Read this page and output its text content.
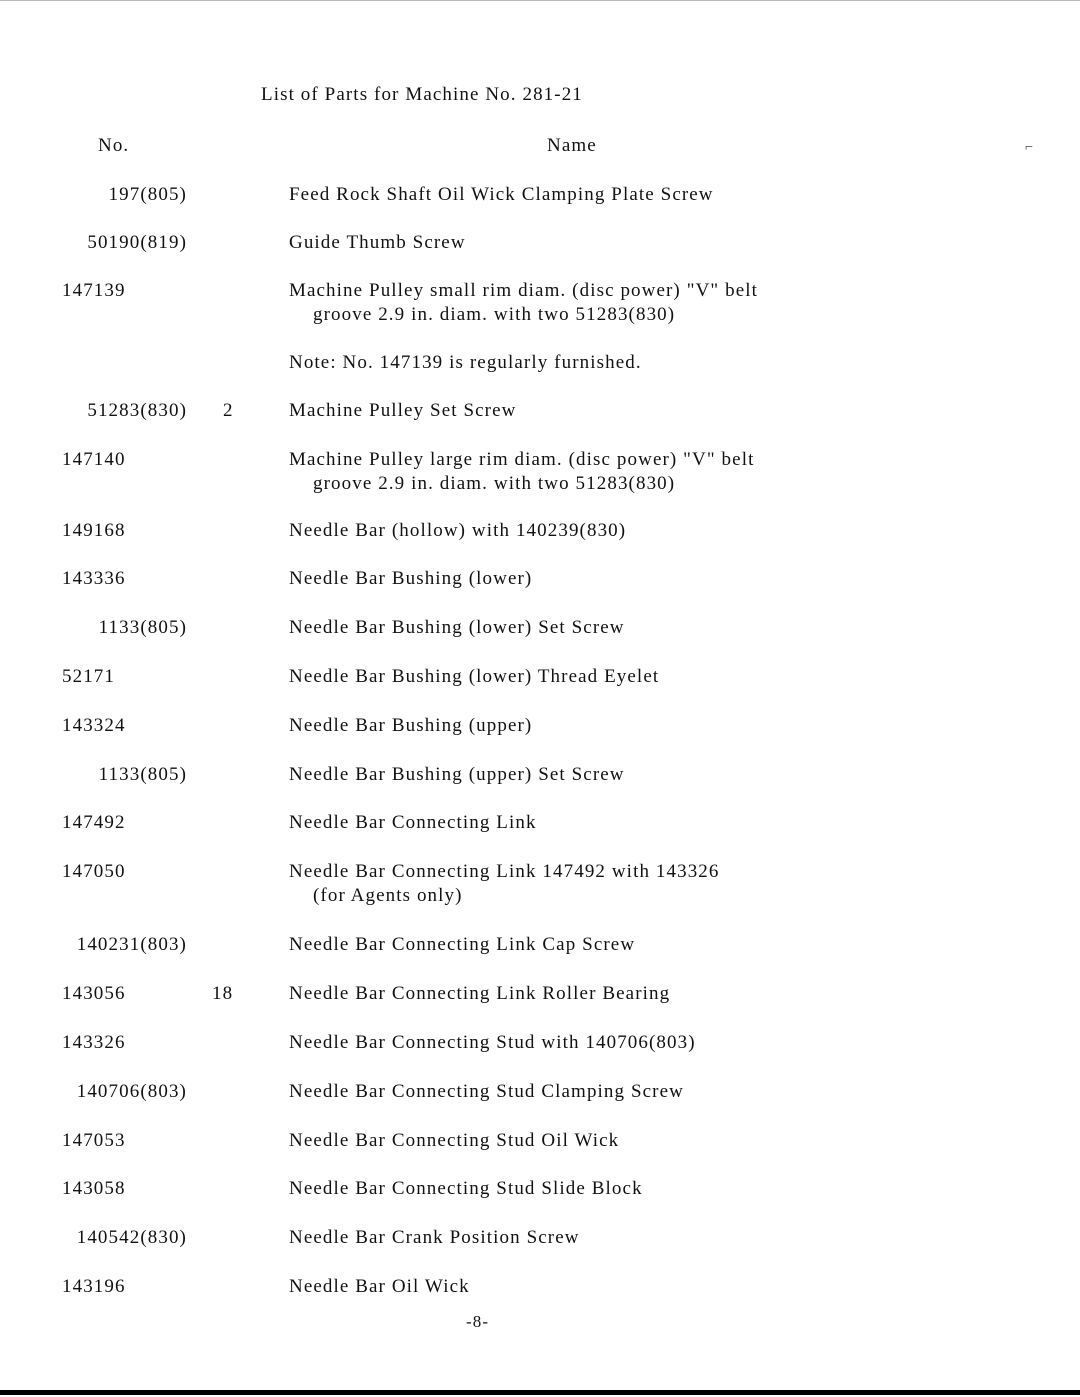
List of Parts for Machine No. 281-21
No.	Name	⌐
197(805)	Feed Rock Shaft Oil Wick Clamping Plate Screw
50190(819)	Guide Thumb Screw
147139	Machine Pulley small rim diam. (disc power) "V" belt
groove 2.9 in. diam. with two 51283(830)
Note: No. 147139 is regularly furnished.
51283(830) 2	Machine Pulley Set Screw
147140	Machine Pulley large rim diam. (disc power) "V" belt
groove 2.9 in. diam. with two 51283(830)
149168	Needle Bar (hollow) with 140239(830)
143336	Needle Bar Bushing (lower)
1133(805)	Needle Bar Bushing (lower) Set Screw
52171	Needle Bar Bushing (lower) Thread Eyelet
143324	Needle Bar Bushing (upper)
1133(805)	Needle Bar Bushing (upper) Set Screw
147492	Needle Bar Connecting Link
147050	Needle Bar Connecting Link 147492 with 143326
(for Agents only)
140231(803)	Needle Bar Connecting Link Cap Screw
143056	18	Needle Bar Connecting Link Roller Bearing
143326	Needle Bar Connecting Stud with 140706(803)
140706(803)	Needle Bar Connecting Stud Clamping Screw
147053	Needle Bar Connecting Stud Oil Wick
143058	Needle Bar Connecting Stud Slide Block
140542(830)	Needle Bar Crank Position Screw
143196	Needle Bar Oil Wick
-8-
